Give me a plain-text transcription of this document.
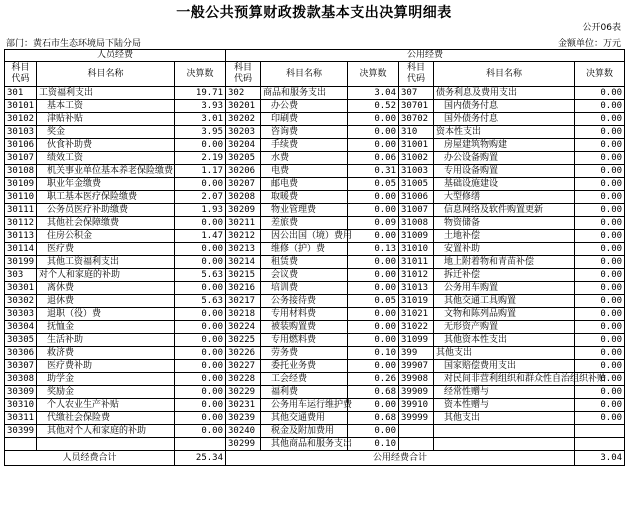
一般公共预算财政拨款基本支出决算明细表
公开06表
部门：黄石市生态环境局下陆分局	金额单位：万元
人员经费			公用经费					
科目
代码	科目名称	决算数	科目
代码	科目名称	决算数	科目
代码	科目名称	决算数
301	工资福利支出	19.71	302	商品和服务支出	3.04	307	债务利息及费用支出	0.00
30101	基本工资	3.93	30201	办公费	0.52	30701	国内债务付息	0.00
30102	津贴补贴	3.01	30202	印刷费	0.00	30702	国外债务付息	0.00
30103	奖金	3.95	30203	咨询费	0.00	310	资本性支出	0.00
30106	伙食补助费	0.00	30204	手续费	0.00	31001	房屋建筑物购建	0.00
30107	绩效工资	2.19	30205	水费	0.06	31002	办公设备购置	0.00
30108	机关事业单位基本养老保险缴费	1.17	30206	电费	0.31	31003	专用设备购置	0.00
30109	职业年金缴费	0.00	30207	邮电费	0.05	31005	基础设施建设	0.00
30110	职工基本医疗保险缴费	2.07	30208	取暖费	0.00	31006	大型修缮	0.00
30111	公务员医疗补助缴费	1.93	30209	物业管理费	0.00	31007	信息网络及软件购置更新	0.00
30112	其他社会保障缴费	0.00	30211	差旅费	0.09	31008	物资储备	0.00
30113	住房公积金	1.47	30212	因公出国（境）费用	0.00	31009	土地补偿	0.00
30114	医疗费	0.00	30213	维修（护）费	0.13	31010	安置补助	0.00
30199	其他工资福利支出	0.00	30214	租赁费	0.00	31011	地上附着物和青苗补偿	0.00
303	对个人和家庭的补助	5.63	30215	会议费	0.00	31012	拆迁补偿	0.00
30301	离休费	0.00	30216	培训费	0.00	31013	公务用车购置	0.00
30302	退休费	5.63	30217	公务接待费	0.05	31019	其他交通工具购置	0.00
30303	退职（役）费	0.00	30218	专用材料费	0.00	31021	文物和陈列品购置	0.00
30304	抚恤金	0.00	30224	被装购置费	0.00	31022	无形资产购置	0.00
30305	生活补助	0.00	30225	专用燃料费	0.00	31099	其他资本性支出	0.00
30306	救济费	0.00	30226	劳务费	0.10	399	其他支出	0.00
30307	医疗费补助	0.00	30227	委托业务费	0.00	39907	国家赔偿费用支出	0.00
30308	助学金	0.00	30228	工会经费	0.26	39908	对民间非营利组织和群众性自治组织补贴	0.00
30309	奖励金	0.00	30229	福利费	0.68	39909	经常性赠与	0.00
30310	个人农业生产补贴	0.00	30231	公务用车运行维护费	0.00	39910	资本性赠与	0.00
30311	代缴社会保险费	0.00	30239	其他交通费用	0.68	39999	其他支出	0.00
30399	其他对个人和家庭的补助	0.00	30240	税金及附加费用	0.00			
			30299	其他商品和服务支出	0.10			
人员经费合计		25.34	公用经费合计					3.04
